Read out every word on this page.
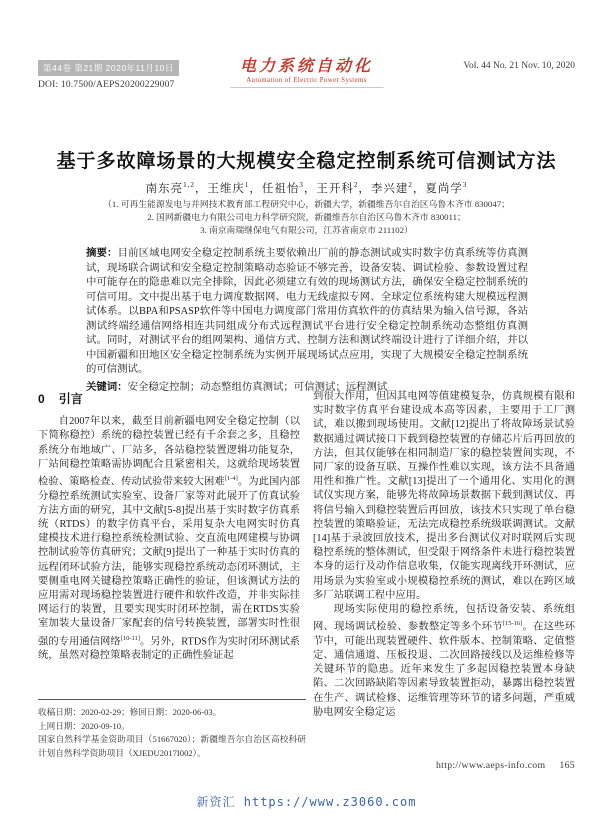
第44卷 第21期 2020年11月10日
DOI: 10.7500/AEPS20200229007
电力系统自动化
Automation of Electric Power Systems
Vol. 44 No. 21 Nov. 10, 2020
基于多故障场景的大规模安全稳定控制系统可信测试方法
南东亮$^{1,2}$，王维庆$^1$，任祖怡$^3$，王开科$^2$，李兴建$^2$，夏尚学$^3$
（1. 可再生能源发电与并网技术教育部工程研究中心，新疆大学，新疆维吾尔自治区乌鲁木齐市 830047；
2. 国网新疆电力有限公司电力科学研究院，新疆维吾尔自治区乌鲁木齐市 830011；
3. 南京南瑞继保电气有限公司，江苏省南京市 211102）
摘要：目前区域电网安全稳定控制系统主要依赖出厂前的静态测试或实时数字仿真系统等仿真测试，现场联合调试和安全稳定控制策略动态验证不够完善，设备安装、调试检验、参数设置过程中可能存在的隐患难以完全排除，因此必须建立有效的现场测试方法，确保安全稳定控制系统的可信可用。文中提出基于电力调度数据网、电力无线虚拟专网、全球定位系统构建大规模远程测试体系。以BPA和PSASP软件等中国电力调度部门常用仿真软件的仿真结果为输入信号源，各站测试终端经通信网络相连共同组成分布式远程测试平台进行安全稳定控制系统动态整组仿真测试。同时，对测试平台的组网架构、通信方式、控制方法和测试终端设计进行了详细介绍，并以中国新疆和田地区安全稳定控制系统为实例开展现场试点应用，实现了大规模安全稳定控制系统的可信测试。
关键词：安全稳定控制；动态整组仿真测试；可信测试；远程测试
0 引言

自2007年以来，截至目前新疆电网安全稳定控制（以下简称稳控）系统的稳控装置已经有千余套之多，且稳控系统分布地域广、厂站多，各站稳控装置逻辑功能复杂，厂站间稳控策略需协调配合且紧密相关，这就给现场装置检验、策略检查、传动试验带来较大困难[1-4]。为此国内部分稳控系统测试实验室、设备厂家等对此展开了仿真试验方法方面的研究，其中文献[5-8]提出基于实时数字仿真系统（RTDS）的数字仿真平台，采用复杂大电网实时仿真建模技术进行稳控系统检测试验、交直流电网建模与协调控制试验等仿真研究；文献[9]提出了一种基于实时仿真的远程闭环试验方法，能够实现稳控系统动态闭环测试，主要侧重电网关键稳控策略正确性的验证，但该测试方法的应用需对现场稳控装置进行硬件和软件改造，并非实际挂网运行的装置，且要实现实时闭环控制，需在RTDS实验室加装大量设备厂家配套的信号转换装置，部署实时性很强的专用通信网络[10-11]。另外，RTDS作为实时闭环测试系统，虽然对稳控策略表制定的正确性验证起

到很大作用，但因其电网等值建模复杂，仿真规模有限和实时数字仿真平台建设成本高等因素，主要用于工厂测试，难以搬到现场使用。文献[12]提出了将故障场景试验数据通过调试接口下载到稳控装置的存储芯片后再回放的方法，但其仅能够在相同制造厂家的稳控装置间实现，不同厂家的设备互联、互操作性难以实现，该方法不具备通用性和推广性。文献[13]提出了一个通用化、实用化的测试仪实现方案，能够先将故障场景数据下载到测试仪、再将信号输入到稳控装置后再回放，该技术只实现了单台稳控装置的策略验证，无法完成稳控系统级联调测试。文献[14]基于录波回放技术，提出多台测试仪对时联网后实现稳控系统的整体测试，但受限于网络条件未进行稳控装置本身的运行及动作信息收集，仅能实现离线开环测试，应用场景为实验室或小规模稳控系统的测试，难以在跨区域多厂站联调工程中应用。

现场实际使用的稳控系统，包括设备安装、系统组网、现场调试检验、参数整定等多个环节[15-16]。在这些环节中，可能出现装置硬件、软件版本、控制策略、定值整定、通信通道、压板投退、二次回路接线以及运维检修等关键环节的隐患。近年来发生了多起因稳控装置本身缺陷、二次回路缺陷等因素导致装置拒动，暴露出稳控装置在生产、调试检修、运维管理等环节的诸多问题，严重威胁电网安全稳定运

收稿日期：2020-02-29；修回日期：2020-06-03。

上网日期：2020-09-10。

国家自然科学基金资助项目（51667020）；新疆维吾尔自治区高校科研计划自然科学资助项目（XJEDU2017I002）。

http://www.aeps-info.com 165
新资汇 https://www.z3060.com
